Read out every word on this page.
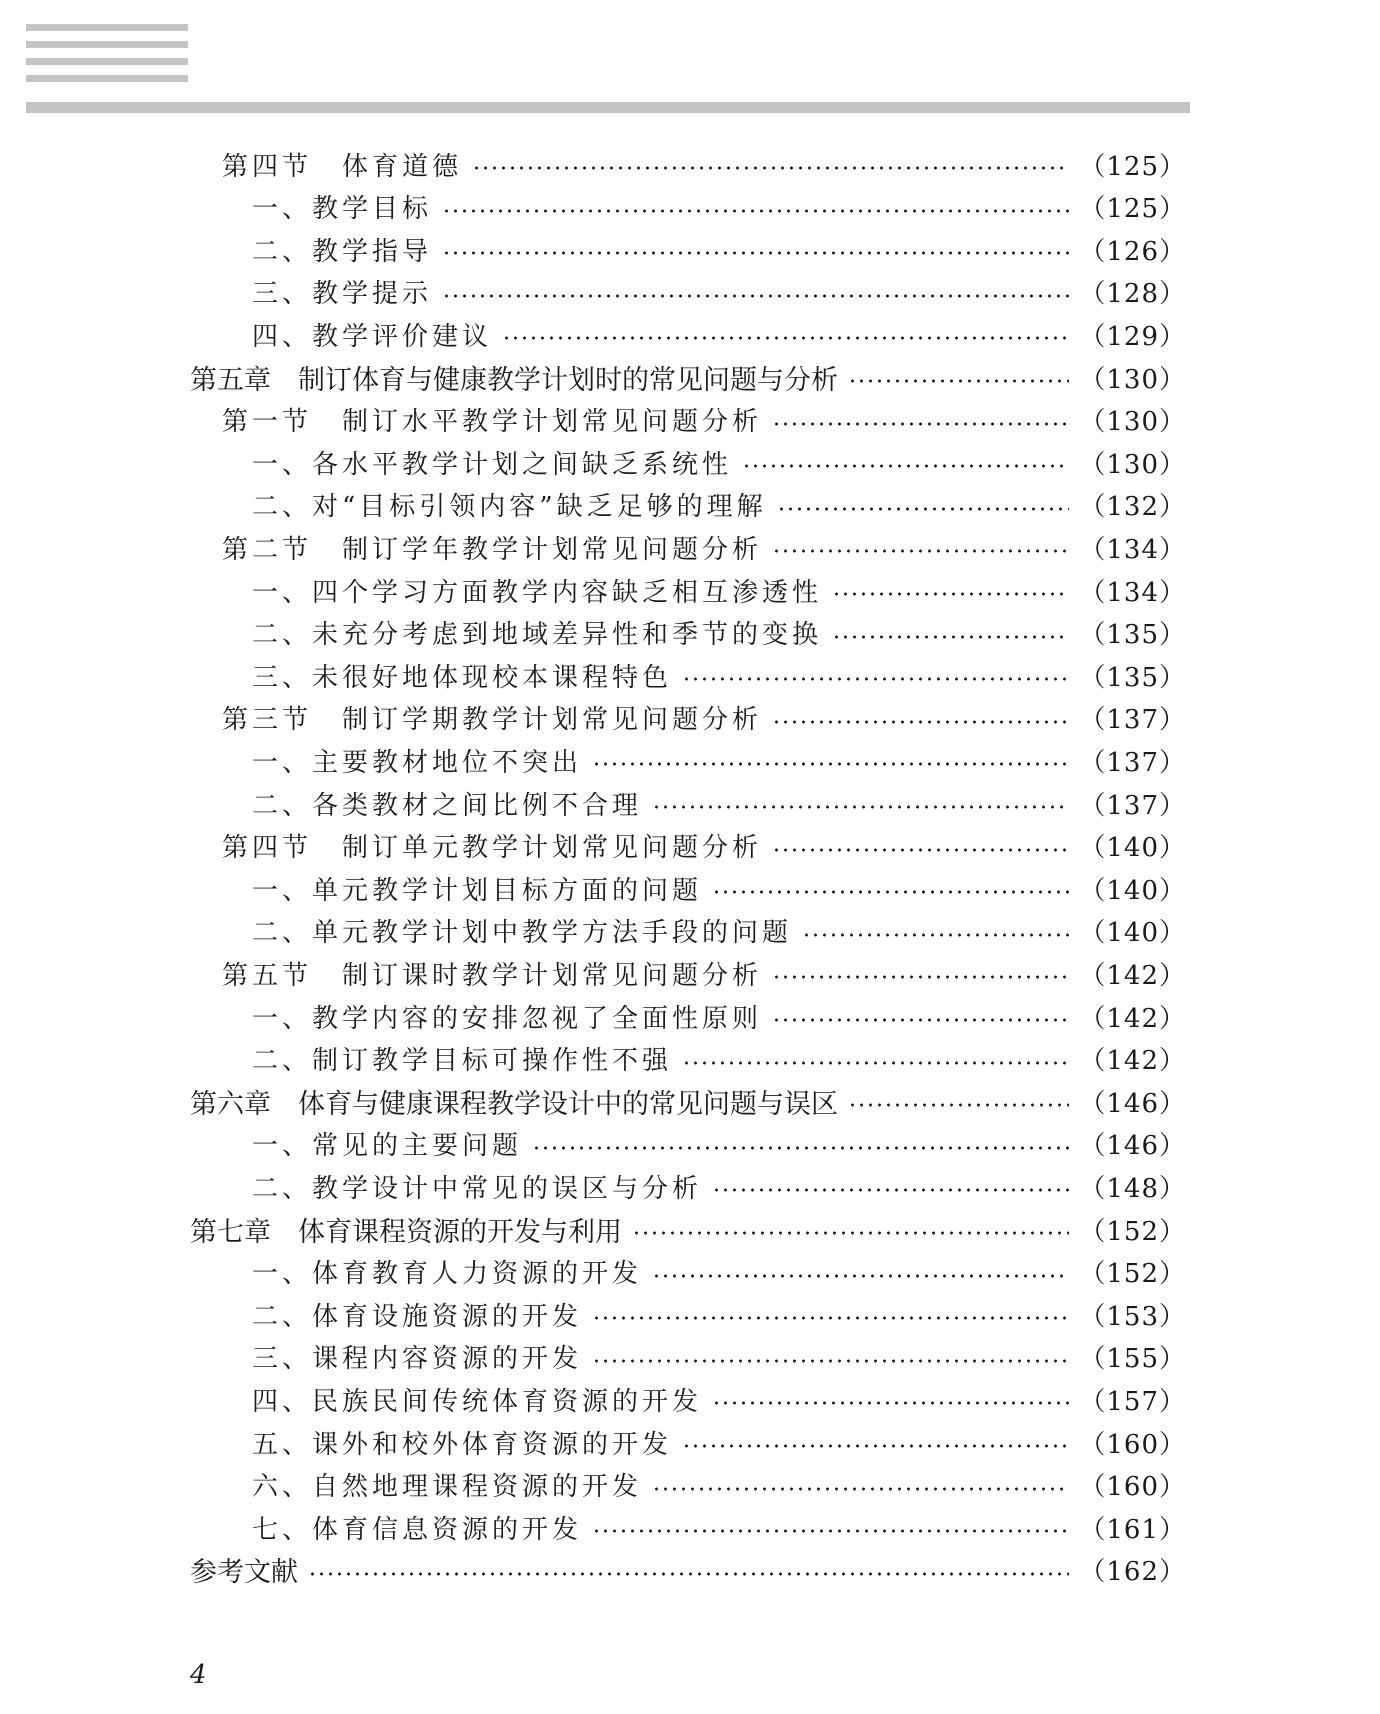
第四节　体育道德	（125）
一、教学目标	（125）
二、教学指导	（126）
三、教学提示	（128）
四、教学评价建议	（129）
第五章　制订体育与健康教学计划时的常见问题与分析	（130）
第一节　制订水平教学计划常见问题分析	（130）
一、各水平教学计划之间缺乏系统性	（130）
二、对“目标引领内容”缺乏足够的理解	（132）
第二节　制订学年教学计划常见问题分析	（134）
一、四个学习方面教学内容缺乏相互渗透性	（134）
二、未充分考虑到地域差异性和季节的变换	（135）
三、未很好地体现校本课程特色	（135）
第三节　制订学期教学计划常见问题分析	（137）
一、主要教材地位不突出	（137）
二、各类教材之间比例不合理	（137）
第四节　制订单元教学计划常见问题分析	（140）
一、单元教学计划目标方面的问题	（140）
二、单元教学计划中教学方法手段的问题	（140）
第五节　制订课时教学计划常见问题分析	（142）
一、教学内容的安排忽视了全面性原则	（142）
二、制订教学目标可操作性不强	（142）
第六章　体育与健康课程教学设计中的常见问题与误区	（146）
一、常见的主要问题	（146）
二、教学设计中常见的误区与分析	（148）
第七章　体育课程资源的开发与利用	（152）
一、体育教育人力资源的开发	（152）
二、体育设施资源的开发	（153）
三、课程内容资源的开发	（155）
四、民族民间传统体育资源的开发	（157）
五、课外和校外体育资源的开发	（160）
六、自然地理课程资源的开发	（160）
七、体育信息资源的开发	（161）
参考文献	（162）
4
